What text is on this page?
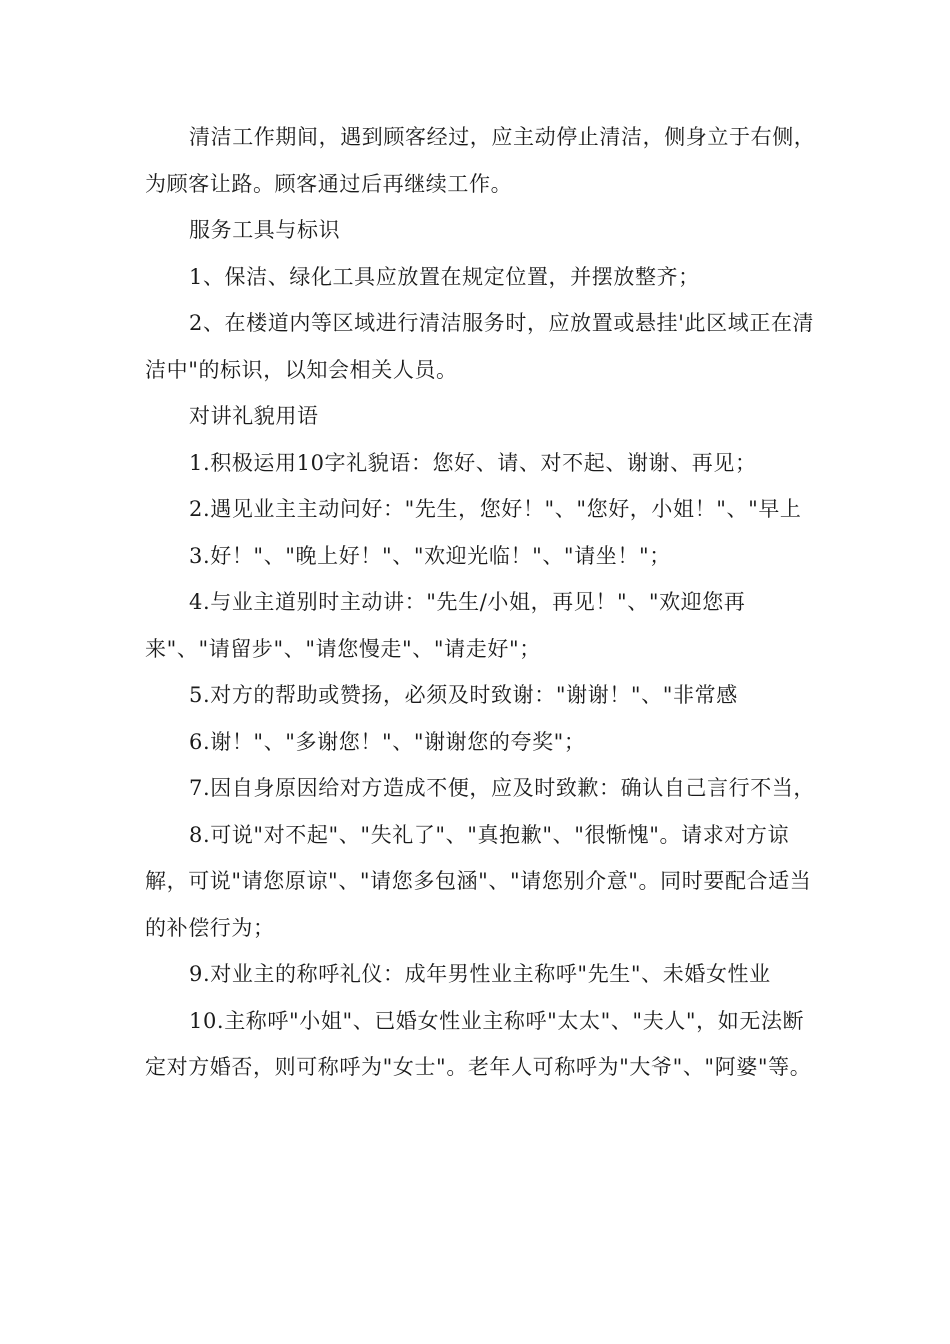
清洁工作期间，遇到顾客经过，应主动停止清洁，侧身立于右侧，为顾客让路。顾客通过后再继续工作。

服务工具与标识

1、保洁、绿化工具应放置在规定位置，并摆放整齐；

2、在楼道内等区域进行清洁服务时，应放置或悬挂'此区域正在清洁中"的标识，以知会相关人员。

对讲礼貌用语

1.积极运用10字礼貌语：您好、请、对不起、谢谢、再见；

2.遇见业主主动问好："先生，您好！"、"您好，小姐！"、"早上

3.好！"、"晚上好！"、"欢迎光临！"、"请坐！"；

4.与业主道别时主动讲："先生/小姐，再见！"、"欢迎您再来"、"请留步"、"请您慢走"、"请走好"；

5.对方的帮助或赞扬，必须及时致谢："谢谢！"、"非常感

6.谢！"、"多谢您！"、"谢谢您的夸奖"；

7.因自身原因给对方造成不便，应及时致歉：确认自己言行不当，

8.可说"对不起"、"失礼了"、"真抱歉"、"很惭愧"。请求对方谅解，可说"请您原谅"、"请您多包涵"、"请您别介意"。同时要配合适当的补偿行为；

9.对业主的称呼礼仪：成年男性业主称呼"先生"、未婚女性业

10.主称呼"小姐"、已婚女性业主称呼"太太"、"夫人"，如无法断定对方婚否，则可称呼为"女士"。老年人可称呼为"大爷"、"阿婆"等。
